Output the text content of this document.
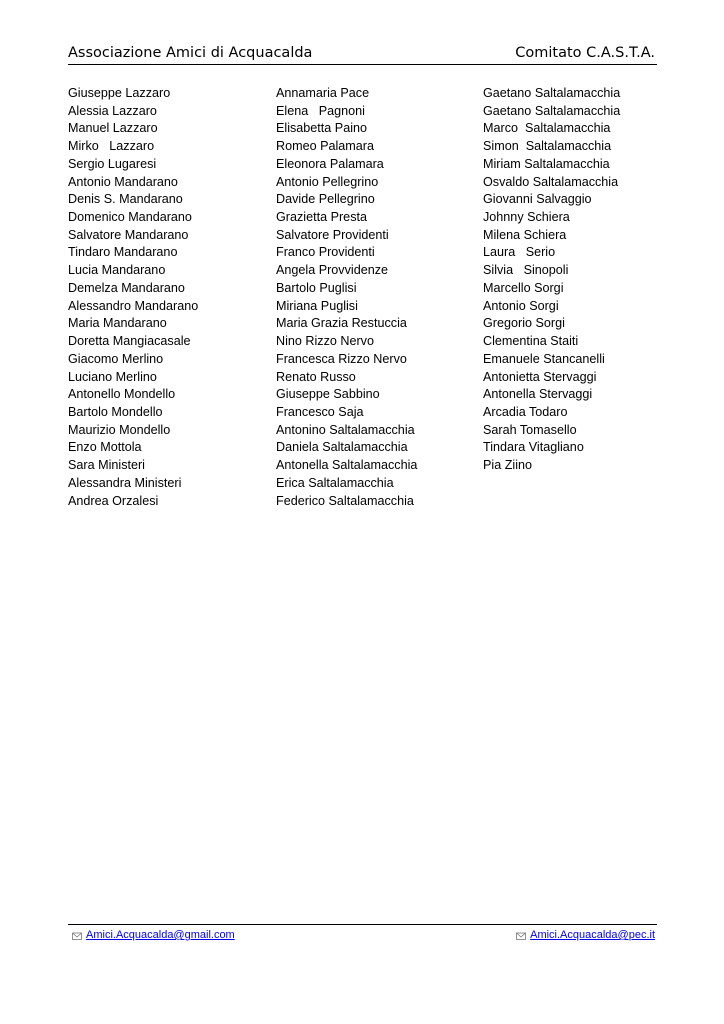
Associazione Amici di Acquacalda	Comitato C.A.S.T.A.
Giuseppe Lazzaro
Alessia Lazzaro
Manuel Lazzaro
Mirko   Lazzaro
Sergio Lugaresi
Antonio Mandarano
Denis S. Mandarano
Domenico Mandarano
Salvatore Mandarano
Tindaro Mandarano
Lucia Mandarano
Demelza Mandarano
Alessandro Mandarano
Maria Mandarano
Doretta Mangiacasale
Giacomo Merlino
Luciano Merlino
Antonello Mondello
Bartolo Mondello
Maurizio Mondello
Enzo Mottola
Sara Ministeri
Alessandra Ministeri
Andrea Orzalesi
Annamaria Pace
Elena   Pagnoni
Elisabetta Paino
Romeo Palamara
Eleonora Palamara
Antonio Pellegrino
Davide Pellegrino
Grazietta Presta
Salvatore Providenti
Franco Providenti
Angela Provvidenze
Bartolo Puglisi
Miriana Puglisi
Maria Grazia Restuccia
Nino Rizzo Nervo
Francesca Rizzo Nervo
Renato Russo
Giuseppe Sabbino
Francesco Saja
Antonino Saltalamacchia
Daniela Saltalamacchia
Antonella Saltalamacchia
Erica Saltalamacchia
Federico Saltalamacchia
Gaetano Saltalamacchia
Gaetano Saltalamacchia
Marco  Saltalamacchia
Simon  Saltalamacchia
Miriam Saltalamacchia
Osvaldo Saltalamacchia
Giovanni Salvaggio
Johnny Schiera
Milena Schiera
Laura   Serio
Silvia   Sinopoli
Marcello Sorgi
Antonio Sorgi
Gregorio Sorgi
Clementina Staiti
Emanuele Stancanelli
Antonietta Stervaggi
Antonella Stervaggi
Arcadia Todaro
Sarah Tomasello
Tindara Vitagliano
Pia Ziino
Amici.Acquacalda@gmail.com	Amici.Acquacalda@pec.it
